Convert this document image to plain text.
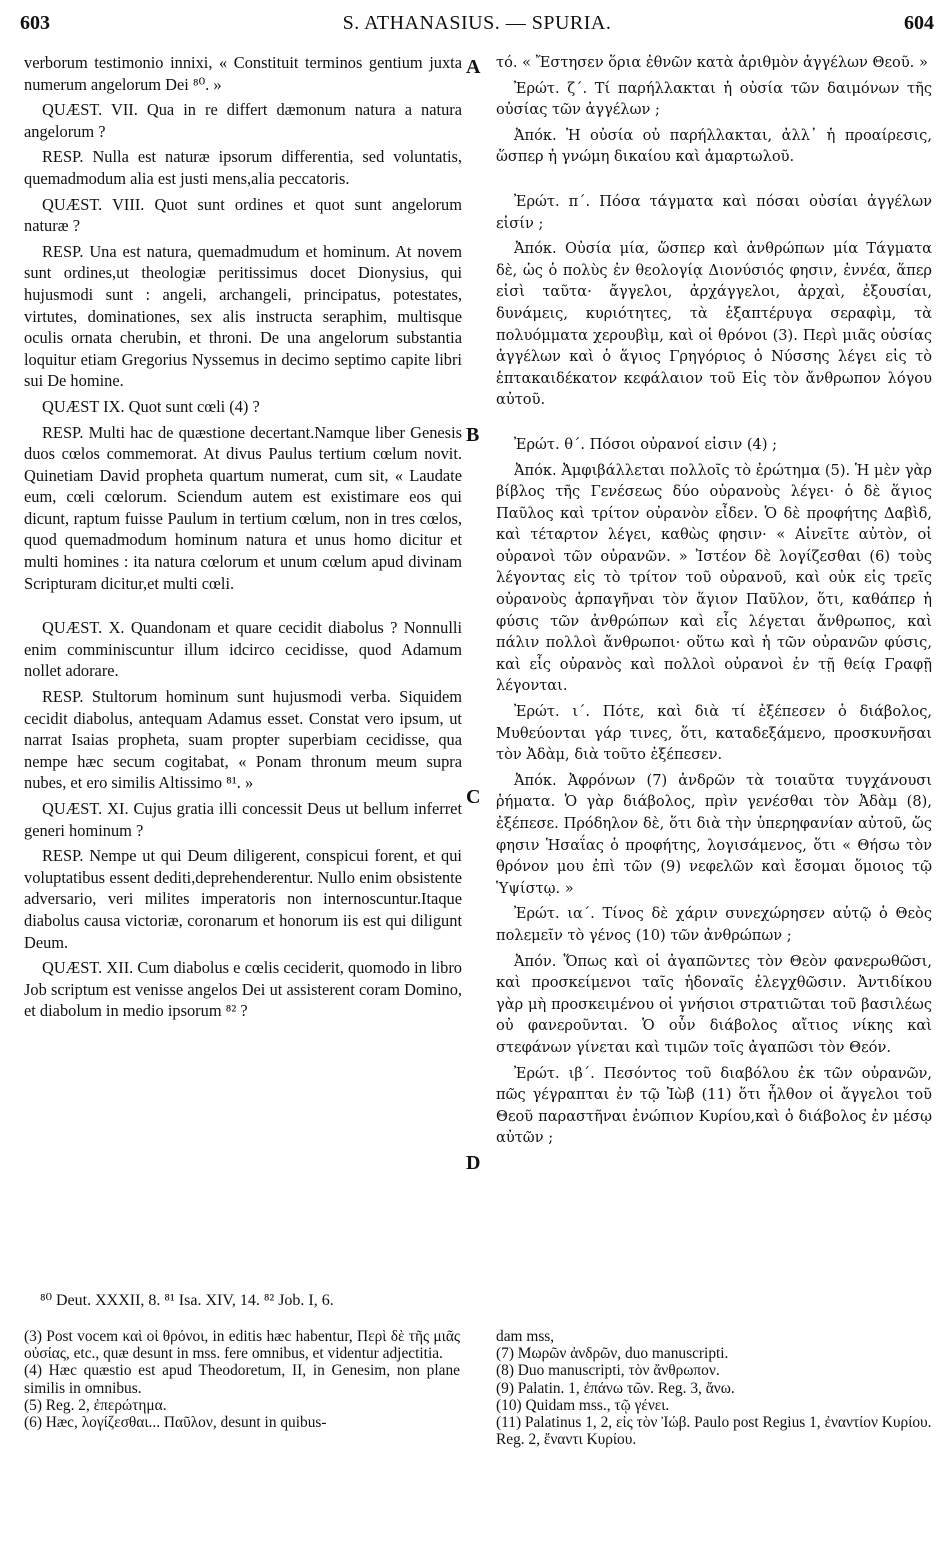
603	S. ATHANASIUS. — SPURIA.	604

verborum testimonio innixi, « Constituit terminos gentium juxta numerum angelorum Dei ⁸⁰. »

QUÆST. VII. Qua in re differt dæmonum natura a natura angelorum ?

RESP. Nulla est naturæ ipsorum differentia, sed voluntatis, quemadmodum alia est justi mens,alia peccatoris.

QUÆST. VIII. Quot sunt ordines et quot sunt angelorum naturæ ?

RESP. Una est natura, quemadmudum et hominum. At novem sunt ordines,ut theologiæ peritissimus docet Dionysius, qui hujusmodi sunt : angeli, archangeli, principatus, potestates, virtutes, dominationes, sex alis instructa seraphim, multisque oculis ornata cherubin, et throni. De una angelorum substantia loquitur etiam Gregorius Nyssemus in decimo septimo capite libri sui De homine.

QUÆST IX. Quot sunt cœli (4) ?

RESP. Multi hac de quæstione decertant.Namque liber Genesis duos cœlos commemorat. At divus Paulus tertium cœlum novit. Quinetiam David propheta quartum numerat, cum sit, « Laudate eum, cœli cœlorum. Sciendum autem est existimare eos qui dicunt, raptum fuisse Paulum in tertium cœlum, non in tres cœlos, quod quemadmodum hominum natura et unus homo dicitur et multi homines : ita natura cœlorum et unum cœlum apud divinam Scripturam dicitur,et multi cœli.

QUÆST. X. Quandonam et quare cecidit diabolus ? Nonnulli enim comminiscuntur illum idcirco cecidisse, quod Adamum nollet adorare.

RESP. Stultorum hominum sunt hujusmodi verba. Siquidem cecidit diabolus, antequam Adamus esset. Constat vero ipsum, ut narrat Isaias propheta, suam propter superbiam cecidisse, qua nempe hæc secum cogitabat, « Ponam thronum meum supra nubes, et ero similis Altissimo ⁸¹. »

QUÆST. XI. Cujus gratia illi concessit Deus ut bellum inferret generi hominum ?

RESP. Nempe ut qui Deum diligerent, conspicui forent, et qui voluptatibus essent dediti,deprehenderentur. Nullo enim obsistente adversario, veri milites imperatoris non internoscuntur.Itaque diabolus causa victoriæ, coronarum et honorum iis est qui diligunt Deum.

QUÆST. XII. Cum diabolus e cœlis ceciderit, quomodo in libro Job scriptum est venisse angelos Dei ut assisterent coram Domino, et diabolum in medio ipsorum ⁸² ?

A
B
C
D

τό. « Ἔστησεν ὅρια ἐθνῶν κατὰ ἀριθμὸν ἀγγέλων Θεοῦ. »

Ἐρώτ. ζ΄. Τί παρήλλακται ἡ οὐσία τῶν δαιμόνων τῆς οὐσίας τῶν ἀγγέλων ;

Ἀπόκ. Ἡ οὐσία οὐ παρήλλακται, ἀλλ᾽ ἡ προαίρεσις, ὥσπερ ἡ γνώμη δικαίου καὶ ἁμαρτωλοῦ.

Ἐρώτ. π΄. Πόσα τάγματα καὶ πόσαι οὐσίαι ἀγγέλων εἰσίν ;

Ἀπόκ. Οὐσία μία, ὥσπερ καὶ ἀνθρώπων μία Τάγματα δὲ, ὡς ὁ πολὺς ἐν θεολογίᾳ Διονύσιός φησιν, ἐννέα, ἅπερ εἰσὶ ταῦτα· ἄγγελοι, ἀρχάγγελοι, ἀρχαὶ, ἐξουσίαι, δυνάμεις, κυριότητες, τὰ ἑξαπτέρυγα σεραφὶμ, τὰ πολυόμματα χερουβὶμ, καὶ οἱ θρόνοι (3). Περὶ μιᾶς οὐσίας ἀγγέλων καὶ ὁ ἅγιος Γρηγόριος ὁ Νύσσης λέγει εἰς τὸ ἑπτακαιδέκατον κεφάλαιον τοῦ Εἰς τὸν ἄνθρωπον λόγου αὐτοῦ.

Ἐρώτ. θ΄. Πόσοι οὐρανοί εἰσιν (4) ;

Ἀπόκ. Ἀμφιβάλλεται πολλοῖς τὸ ἐρώτημα (5). Ἡ μὲν γὰρ βίβλος τῆς Γενέσεως δύο οὐρανοὺς λέγει· ὁ δὲ ἅγιος Παῦλος καὶ τρίτον οὐρανὸν εἶδεν. Ὁ δὲ προφήτης Δαβὶδ, καὶ τέταρτον λέγει, καθὼς φησιν· « Αἰνεῖτε αὐτὸν, οἱ οὐρανοὶ τῶν οὐρανῶν. » Ἰστέον δὲ λογίζεσθαι (6) τοὺς λέγοντας εἰς τὸ τρίτον τοῦ οὐρανοῦ, καὶ οὐκ εἰς τρεῖς οὐρανοὺς ἁρπαγῆναι τὸν ἅγιον Παῦλον, ὅτι, καθάπερ ἡ φύσις τῶν ἀνθρώπων καὶ εἷς λέγεται ἄνθρωπος, καὶ πάλιν πολλοὶ ἄνθρωποι· οὕτω καὶ ἡ τῶν οὐρανῶν φύσις, καὶ εἷς οὐρανὸς καὶ πολλοὶ οὐρανοὶ ἐν τῇ θείᾳ Γραφῇ λέγονται.

Ἐρώτ. ι΄. Πότε, καὶ διὰ τί ἐξέπεσεν ὁ διάβολος, Μυθεύονται γάρ τινες, ὅτι, καταδεξάμενο, προσκυνῆσαι τὸν Ἀδὰμ, διὰ τοῦτο ἐξέπεσεν.

Ἀπόκ. Ἀφρόνων (7) ἀνδρῶν τὰ τοιαῦτα τυγχάνουσι ῥήματα. Ὁ γὰρ διάβολος, πρὶν γενέσθαι τὸν Ἀδὰμ (8), ἐξέπεσε. Πρόδηλον δὲ, ὅτι διὰ τὴν ὑπερηφανίαν αὐτοῦ, ὥς φησιν Ἡσαΐας ὁ προφήτης, λογισάμενος, ὅτι « Θήσω τὸν θρόνον μου ἐπὶ τῶν (9) νεφελῶν καὶ ἔσομαι ὅμοιος τῷ Ὑψίστῳ. »

Ἐρώτ. ια΄. Τίνος δὲ χάριν συνεχώρησεν αὐτῷ ὁ Θεὸς πολεμεῖν τὸ γένος (10) τῶν ἀνθρώπων ;

Ἀπόν. Ὅπως καὶ οἱ ἀγαπῶντες τὸν Θεὸν φανερωθῶσι, καὶ προσκείμενοι ταῖς ἡδοναῖς ἐλεγχθῶσιν. Ἀντιδίκου γὰρ μὴ προσκειμένου οἱ γνήσιοι στρατιῶται τοῦ βασιλέως οὐ φανεροῦνται. Ὁ οὖν διάβολος αἴτιος νίκης καὶ στεφάνων γίνεται καὶ τιμῶν τοῖς ἀγαπῶσι τὸν Θεόν.

Ἐρώτ. ιβ΄. Πεσόντος τοῦ διαβόλου ἐκ τῶν οὐρανῶν, πῶς γέγραπται ἐν τῷ Ἰὼβ (11) ὅτι ἦλθον οἱ ἄγγελοι τοῦ Θεοῦ παραστῆναι ἐνώπιον Κυρίου,καὶ ὁ διάβολος ἐν μέσῳ αὐτῶν ;

⁸⁰ Deut. XXXII, 8. ⁸¹ Isa. XIV, 14. ⁸² Job. I, 6.

(3) Post vocem καὶ οἱ θρόνοι, in editis hæc habentur, Περὶ δὲ τῆς μιᾶς οὐσίας, etc., quæ desunt in mss. fere omnibus, et videntur adjectitia.

(4) Hæc quæstio est apud Theodoretum, II, in Genesim, non plane similis in omnibus.

(5) Reg. 2, ἐπερώτημα.

(6) Ηæc, λογίζεσθαι... Παῦλον, desunt in quibus-

dam mss,

(7) Μωρῶν ἀνδρῶν, duo manuscripti.

(8) Duo manuscripti, τὸν ἄνθρωπον.

(9) Palatin. 1, ἐπάνω τῶν. Reg. 3, ἄνω.

(10) Quidam mss., τῷ γένει.

(11) Palatinus 1, 2, εἰς τὸν Ἰώβ. Paulo post Regius 1, ἐναντίον Κυρίου. Reg. 2, ἔναντι Κυρίου.
